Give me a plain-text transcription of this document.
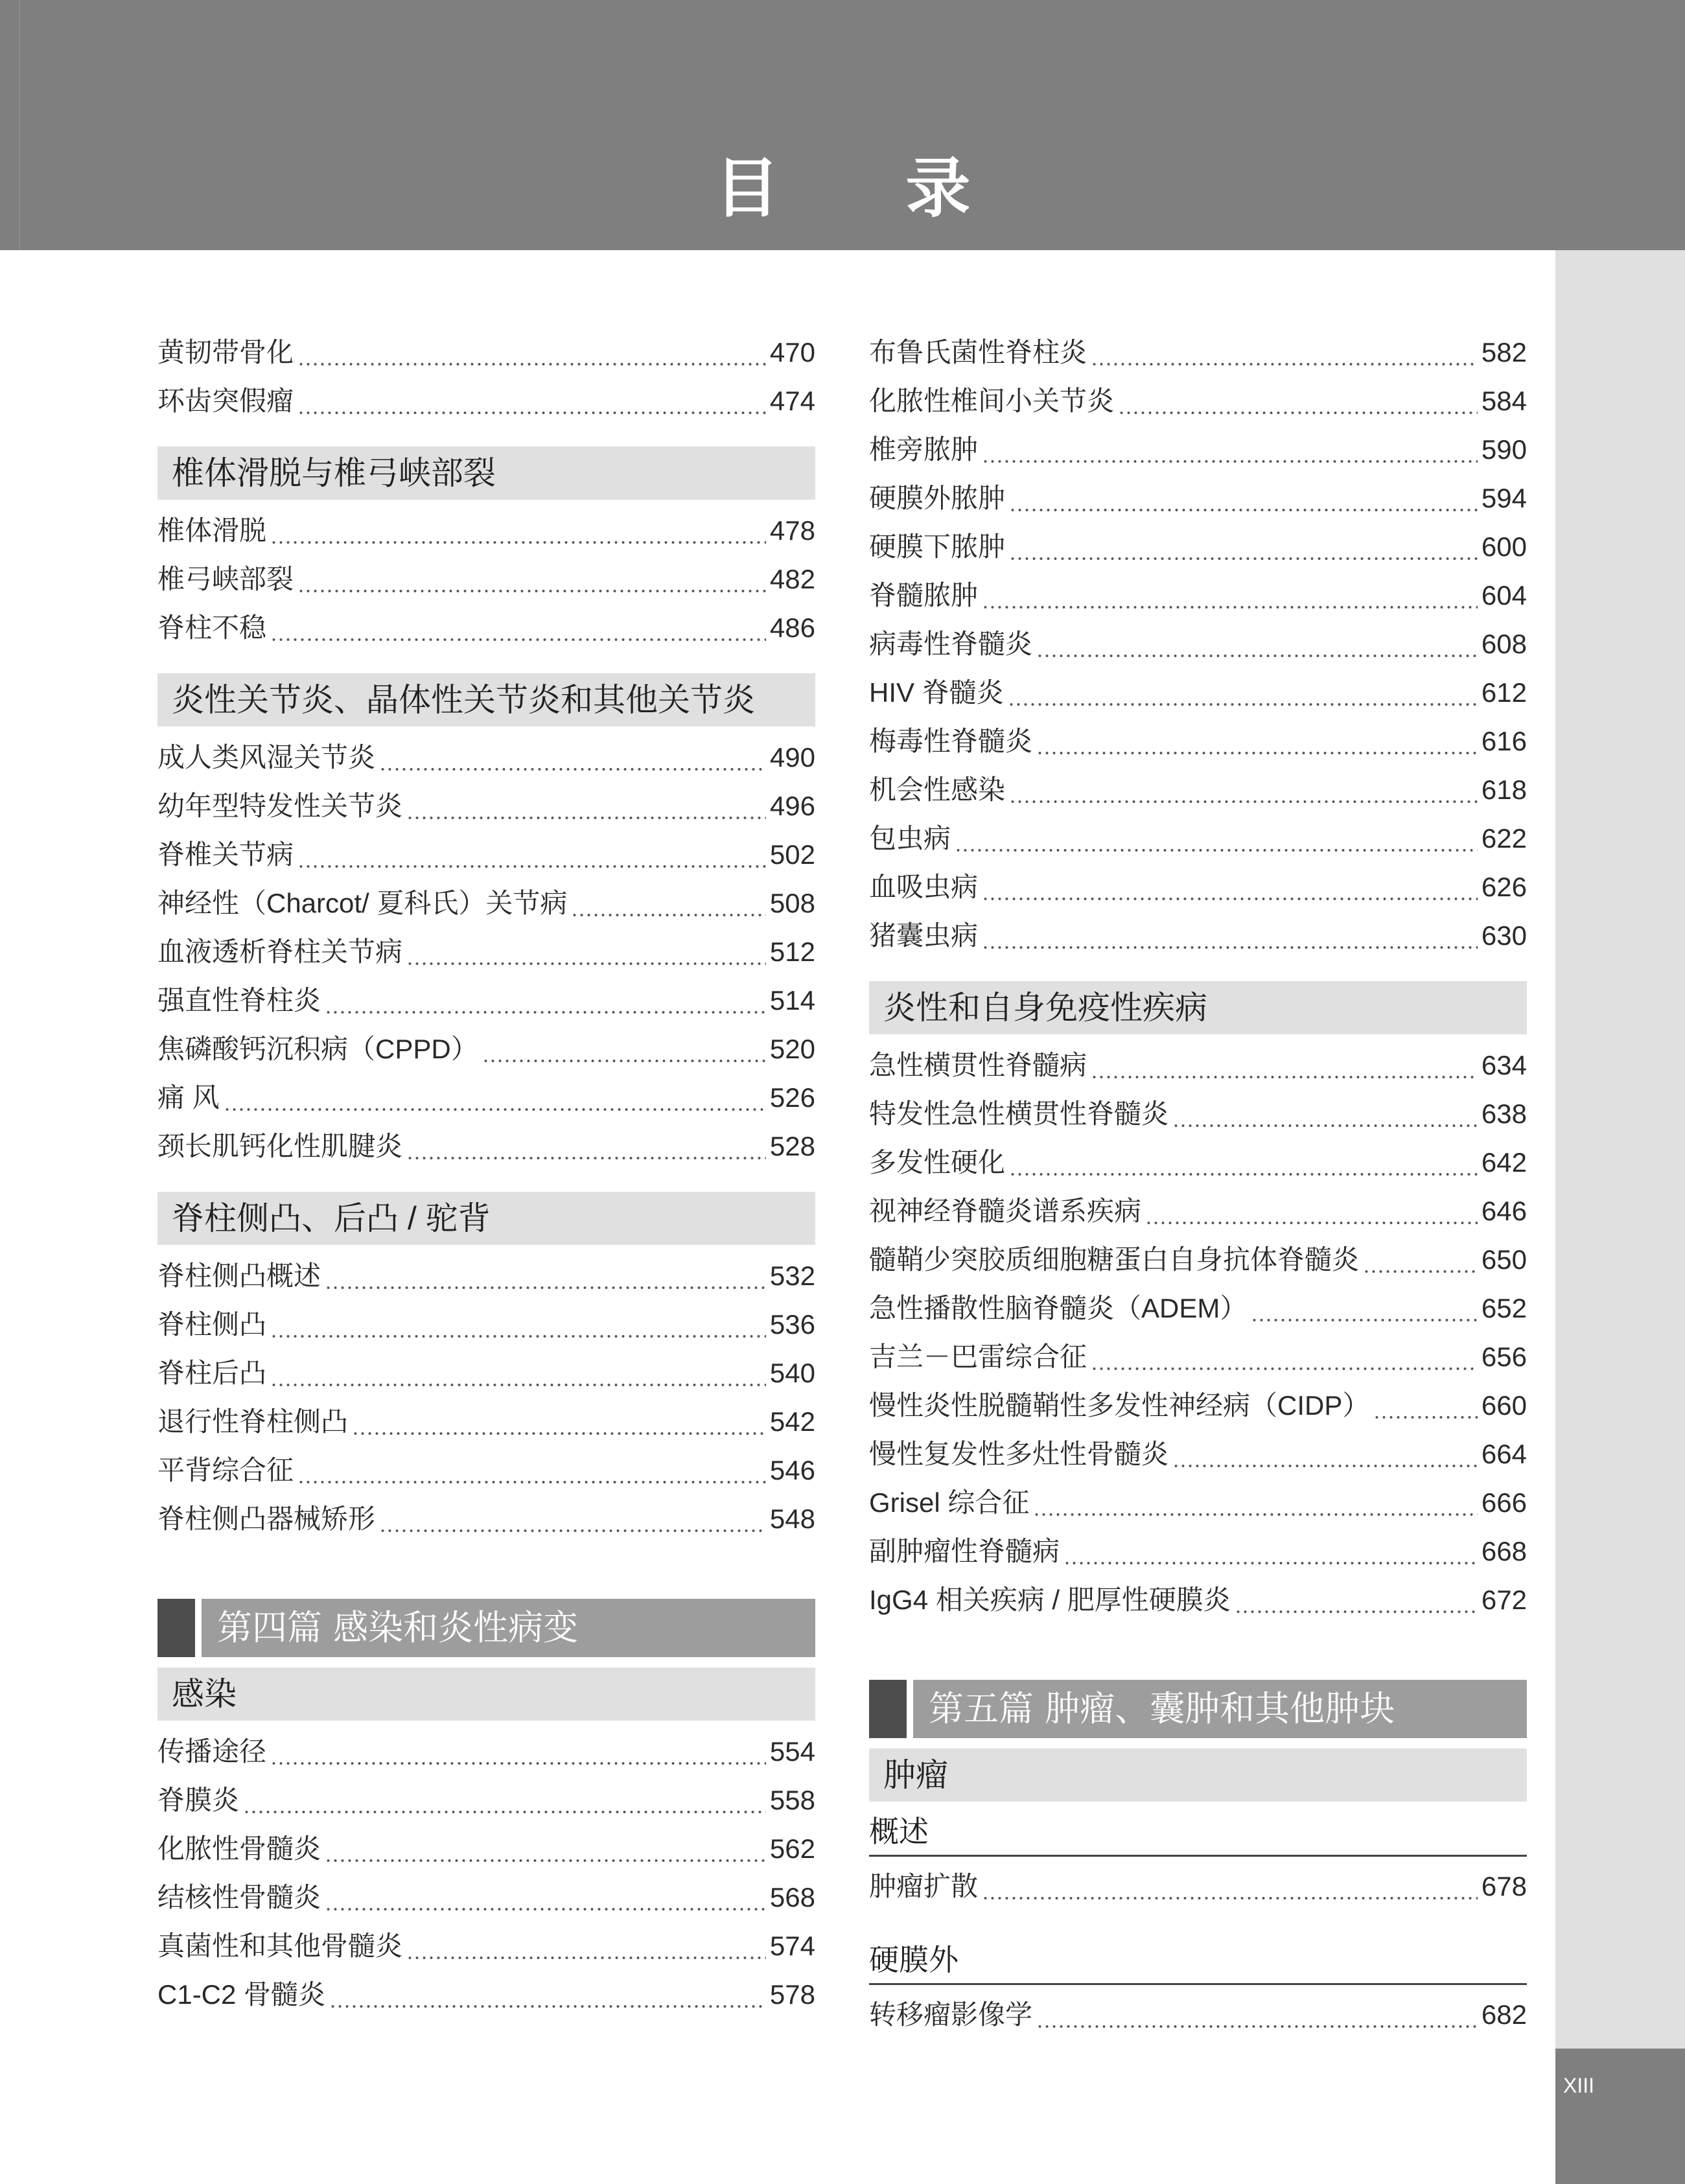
目 录
XIII
黄韧带骨化	470
环齿突假瘤	474
椎体滑脱与椎弓峡部裂
椎体滑脱	478
椎弓峡部裂	482
脊柱不稳	486
炎性关节炎、晶体性关节炎和其他关节炎
成人类风湿关节炎	490
幼年型特发性关节炎	496
脊椎关节病	502
神经性（Charcot/ 夏科氏）关节病	508
血液透析脊柱关节病	512
强直性脊柱炎	514
焦磷酸钙沉积病（CPPD）	520
痛 风	526
颈长肌钙化性肌腱炎	528
脊柱侧凸、后凸 / 驼背
脊柱侧凸概述	532
脊柱侧凸	536
脊柱后凸	540
退行性脊柱侧凸	542
平背综合征	546
脊柱侧凸器械矫形	548
第四篇 感染和炎性病变
感染
传播途径	554
脊膜炎	558
化脓性骨髓炎	562
结核性骨髓炎	568
真菌性和其他骨髓炎	574
C1-C2 骨髓炎	578
布鲁氏菌性脊柱炎	582
化脓性椎间小关节炎	584
椎旁脓肿	590
硬膜外脓肿	594
硬膜下脓肿	600
脊髓脓肿	604
病毒性脊髓炎	608
HIV 脊髓炎	612
梅毒性脊髓炎	616
机会性感染	618
包虫病	622
血吸虫病	626
猪囊虫病	630
炎性和自身免疫性疾病
急性横贯性脊髓病	634
特发性急性横贯性脊髓炎	638
多发性硬化	642
视神经脊髓炎谱系疾病	646
髓鞘少突胶质细胞糖蛋白自身抗体脊髓炎	650
急性播散性脑脊髓炎（ADEM）	652
吉兰－巴雷综合征	656
慢性炎性脱髓鞘性多发性神经病（CIDP）	660
慢性复发性多灶性骨髓炎	664
Grisel 综合征	666
副肿瘤性脊髓病	668
IgG4 相关疾病 / 肥厚性硬膜炎	672
第五篇 肿瘤、囊肿和其他肿块
肿瘤
概述
肿瘤扩散	678
硬膜外
转移瘤影像学	682
